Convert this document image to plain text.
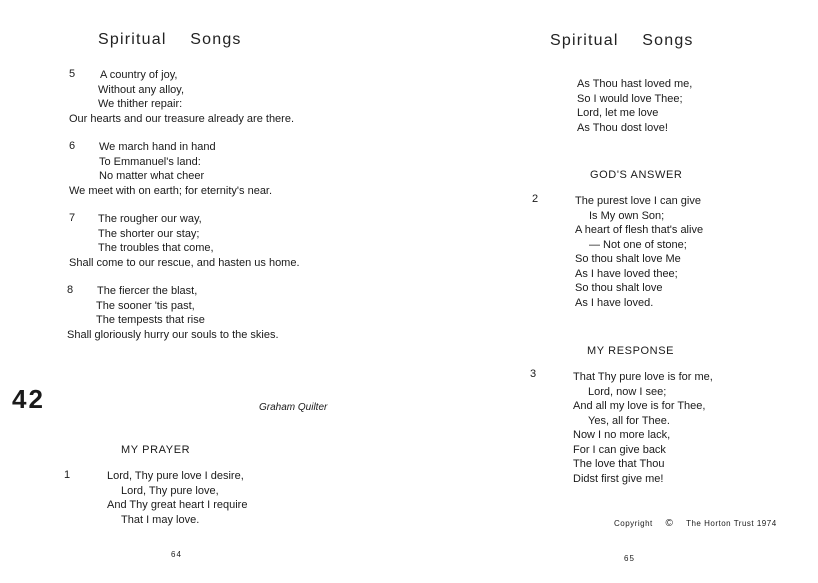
Spiritual Songs
5	A country of joy,
Without any alloy,
We thither repair:
Our hearts and our treasure already are there.
6	We march hand in hand
To Emmanuel's land:
No matter what cheer
We meet with on earth; for eternity's near.
7	The rougher our way,
The shorter our stay;
The troubles that come,
Shall come to our rescue, and hasten us home.
8	The fiercer the blast,
The sooner 'tis past,
The tempests that rise
Shall gloriously hurry our souls to the skies.
42	Graham Quilter
MY PRAYER
1	Lord, Thy pure love I desire,
Lord, Thy pure love,
And Thy great heart I require
That I may love.
64
Spiritual Songs
As Thou hast loved me,
So I would love Thee;
Lord, let me love
As Thou dost love!
GOD'S ANSWER
2	The purest love I can give
Is My own Son;
A heart of flesh that's alive
— Not one of stone;
So thou shalt love Me
As I have loved thee;
So thou shalt love
As I have loved.
MY RESPONSE
3	That Thy pure love is for me,
Lord, now I see;
And all my love is for Thee,
Yes, all for Thee.
Now I no more lack,
For I can give back
The love that Thou
Didst first give me!
Copyright © The Horton Trust 1974
65
